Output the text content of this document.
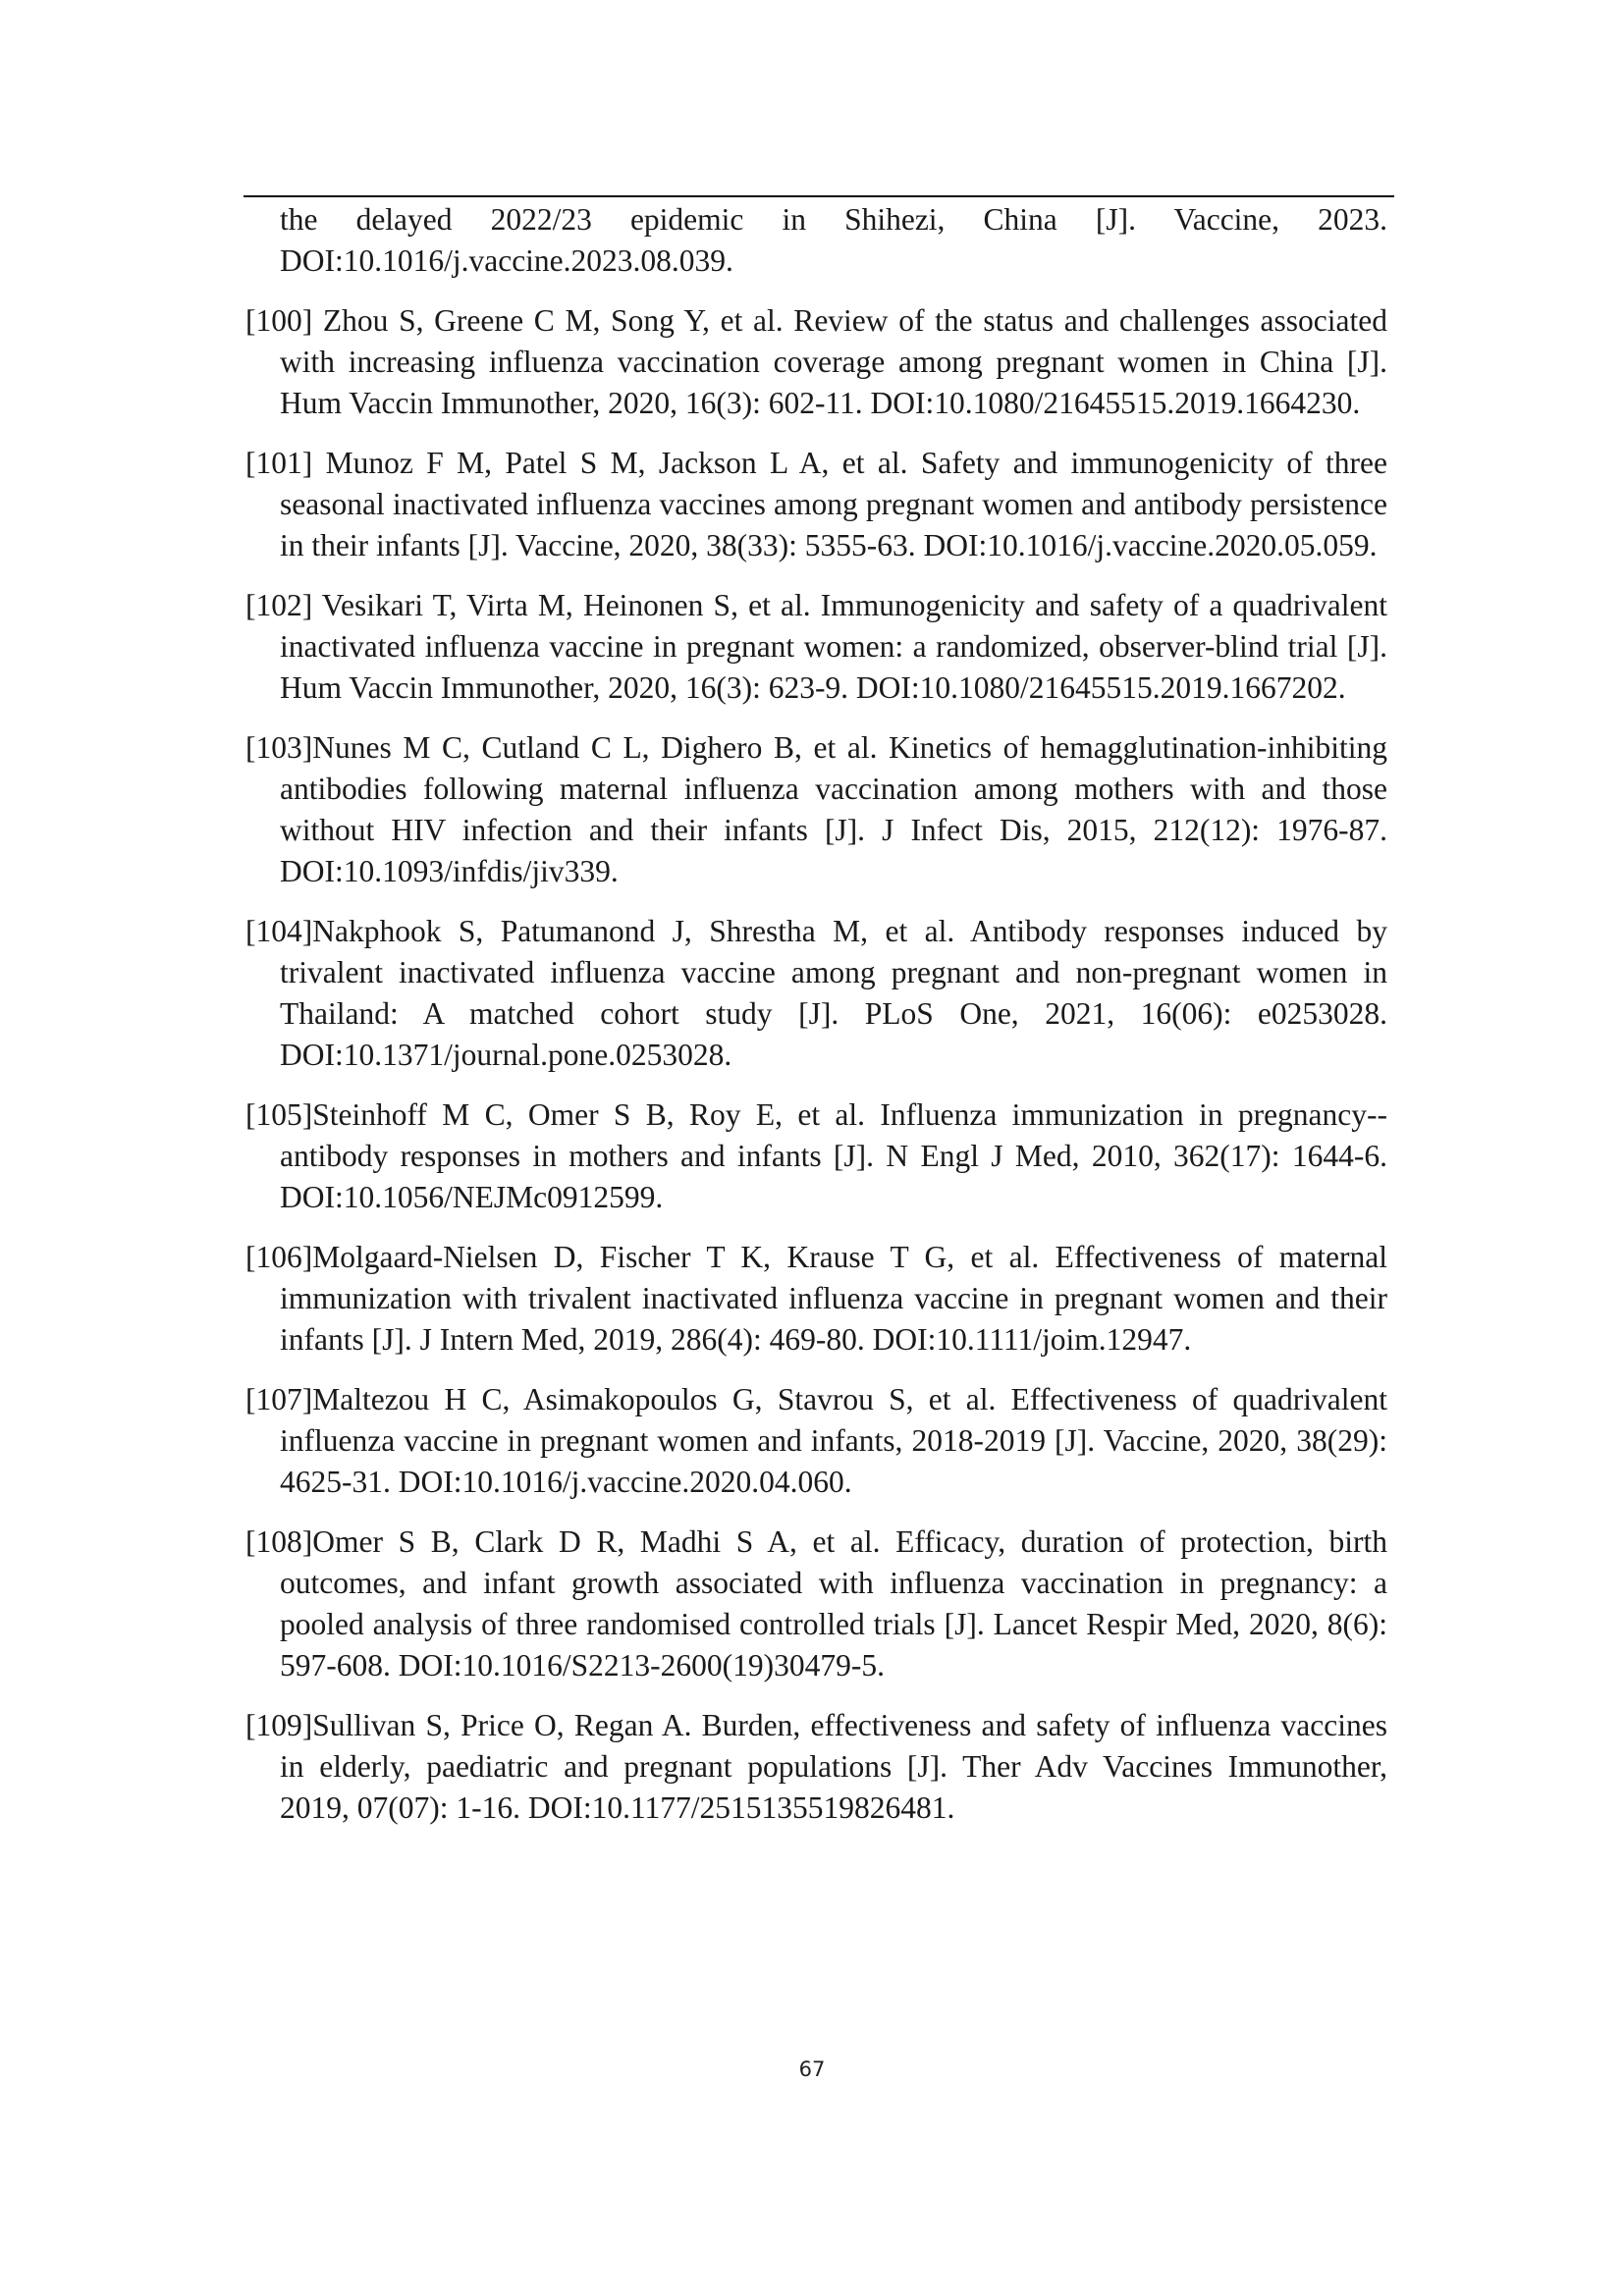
the delayed 2022/23 epidemic in Shihezi, China [J]. Vaccine, 2023. DOI:10.1016/j.vaccine.2023.08.039.

[100] Zhou S, Greene C M, Song Y, et al. Review of the status and challenges associated with increasing influenza vaccination coverage among pregnant women in China [J]. Hum Vaccin Immunother, 2020, 16(3): 602-11. DOI:10.1080/21645515.2019.1664230.

[101] Munoz F M, Patel S M, Jackson L A, et al. Safety and immunogenicity of three seasonal inactivated influenza vaccines among pregnant women and antibody persistence in their infants [J]. Vaccine, 2020, 38(33): 5355-63. DOI:10.1016/j.vaccine.2020.05.059.

[102] Vesikari T, Virta M, Heinonen S, et al. Immunogenicity and safety of a quadrivalent inactivated influenza vaccine in pregnant women: a randomized, observer-blind trial [J]. Hum Vaccin Immunother, 2020, 16(3): 623-9. DOI:10.1080/21645515.2019.1667202.

[103]Nunes M C, Cutland C L, Dighero B, et al. Kinetics of hemagglutination-inhibiting antibodies following maternal influenza vaccination among mothers with and those without HIV infection and their infants [J]. J Infect Dis, 2015, 212(12): 1976-87. DOI:10.1093/infdis/jiv339.

[104]Nakphook S, Patumanond J, Shrestha M, et al. Antibody responses induced by trivalent inactivated influenza vaccine among pregnant and non-pregnant women in Thailand: A matched cohort study [J]. PLoS One, 2021, 16(06): e0253028. DOI:10.1371/journal.pone.0253028.

[105]Steinhoff M C, Omer S B, Roy E, et al. Influenza immunization in pregnancy--antibody responses in mothers and infants [J]. N Engl J Med, 2010, 362(17): 1644-6. DOI:10.1056/NEJMc0912599.

[106]Molgaard-Nielsen D, Fischer T K, Krause T G, et al. Effectiveness of maternal immunization with trivalent inactivated influenza vaccine in pregnant women and their infants [J]. J Intern Med, 2019, 286(4): 469-80. DOI:10.1111/joim.12947.

[107]Maltezou H C, Asimakopoulos G, Stavrou S, et al. Effectiveness of quadrivalent influenza vaccine in pregnant women and infants, 2018-2019 [J]. Vaccine, 2020, 38(29): 4625-31. DOI:10.1016/j.vaccine.2020.04.060.

[108]Omer S B, Clark D R, Madhi S A, et al. Efficacy, duration of protection, birth outcomes, and infant growth associated with influenza vaccination in pregnancy: a pooled analysis of three randomised controlled trials [J]. Lancet Respir Med, 2020, 8(6): 597-608. DOI:10.1016/S2213-2600(19)30479-5.

[109]Sullivan S, Price O, Regan A. Burden, effectiveness and safety of influenza vaccines in elderly, paediatric and pregnant populations [J]. Ther Adv Vaccines Immunother, 2019, 07(07): 1-16. DOI:10.1177/2515135519826481.

67
